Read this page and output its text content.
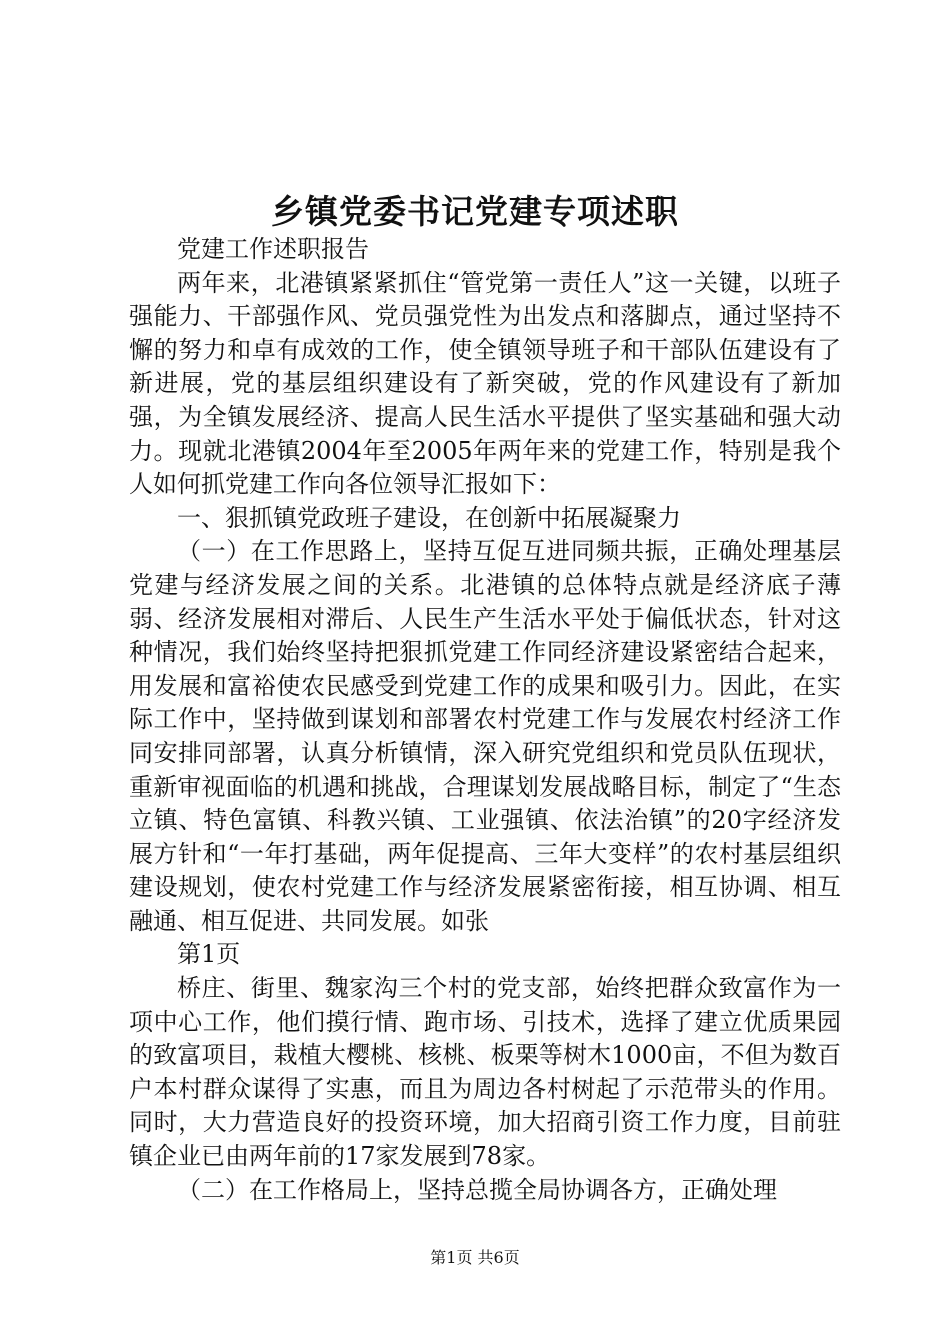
乡镇党委书记党建专项述职

党建工作述职报告

两年来，北港镇紧紧抓住“管党第一责任人”这一关键，以班子强能力、干部强作风、党员强党性为出发点和落脚点，通过坚持不懈的努力和卓有成效的工作，使全镇领导班子和干部队伍建设有了新进展，党的基层组织建设有了新突破，党的作风建设有了新加强，为全镇发展经济、提高人民生活水平提供了坚实基础和强大动力。现就北港镇2004年至2005年两年来的党建工作，特别是我个人如何抓党建工作向各位领导汇报如下：

一、狠抓镇党政班子建设，在创新中拓展凝聚力

（一）在工作思路上，坚持互促互进同频共振，正确处理基层党建与经济发展之间的关系。北港镇的总体特点就是经济底子薄弱、经济发展相对滞后、人民生产生活水平处于偏低状态，针对这种情况，我们始终坚持把狠抓党建工作同经济建设紧密结合起来，用发展和富裕使农民感受到党建工作的成果和吸引力。因此，在实际工作中，坚持做到谋划和部署农村党建工作与发展农村经济工作同安排同部署，认真分析镇情，深入研究党组织和党员队伍现状，重新审视面临的机遇和挑战，合理谋划发展战略目标，制定了“生态立镇、特色富镇、科教兴镇、工业强镇、依法治镇”的20字经济发展方针和“一年打基础，两年促提高、三年大变样”的农村基层组织建设规划，使农村党建工作与经济发展紧密衔接，相互协调、相互融通、相互促进、共同发展。如张

第1页

桥庄、街里、魏家沟三个村的党支部，始终把群众致富作为一项中心工作，他们摸行情、跑市场、引技术，选择了建立优质果园的致富项目，栽植大樱桃、核桃、板栗等树木1000亩，不但为数百户本村群众谋得了实惠，而且为周边各村树起了示范带头的作用。同时，大力营造良好的投资环境，加大招商引资工作力度，目前驻镇企业已由两年前的17家发展到78家。

（二）在工作格局上，坚持总揽全局协调各方，正确处理

第1页 共6页
